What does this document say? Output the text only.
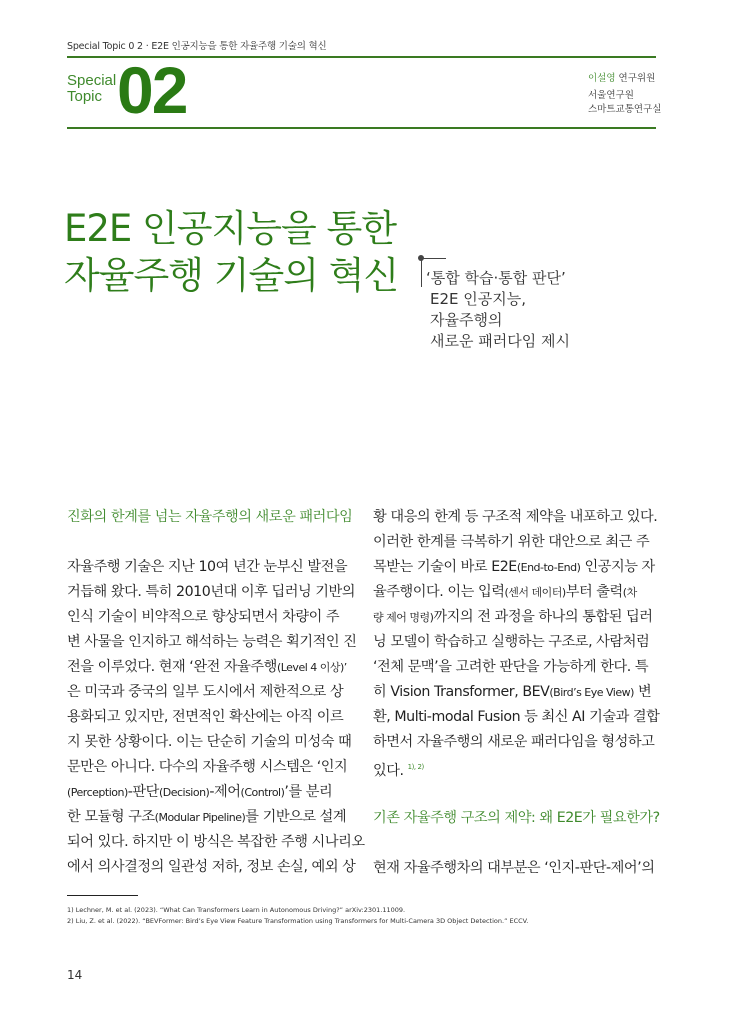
Special Topic 0 2 · E2E 인공지능을 통한 자율주행 기술의 혁신
Special
Topic 02	이설영 연구위원
서울연구원
스마트교통연구실
E2E 인공지능을 통한
자율주행 기술의 혁신 ‘통합 학습·통합 판단’
E2E 인공지능,
자율주행의
새로운 패러다임 제시

진화의 한계를 넘는 자율주행의 새로운 패러다임

자율주행 기술은 지난 10여 년간 눈부신 발전을

거듭해 왔다. 특히 2010년대 이후 딥러닝 기반의

인식 기술이 비약적으로 향상되면서 차량이 주

변 사물을 인지하고 해석하는 능력은 획기적인 진

전을 이루었다. 현재 ‘완전 자율주행(Level 4 이상)’

은 미국과 중국의 일부 도시에서 제한적으로 상

용화되고 있지만, 전면적인 확산에는 아직 이르

지 못한 상황이다. 이는 단순히 기술의 미성숙 때

문만은 아니다. 다수의 자율주행 시스템은 ‘인지

(Perception)-판단(Decision)-제어(Control)’를 분리

한 모듈형 구조(Modular Pipeline)를 기반으로 설계

되어 있다. 하지만 이 방식은 복잡한 주행 시나리오

에서 의사결정의 일관성 저하, 정보 손실, 예외 상

황 대응의 한계 등 구조적 제약을 내포하고 있다.

이러한 한계를 극복하기 위한 대안으로 최근 주

목받는 기술이 바로 E2E(End-to-End) 인공지능 자

율주행이다. 이는 입력(센서 데이터)부터 출력(차

량 제어 명령)까지의 전 과정을 하나의 통합된 딥러

닝 모델이 학습하고 실행하는 구조로, 사람처럼

‘전체 문맥’을 고려한 판단을 가능하게 한다. 특

히 Vision Transformer, BEV(Bird’s Eye View) 변

환, Multi-modal Fusion 등 최신 AI 기술과 결합

하면서 자율주행의 새로운 패러다임을 형성하고

있다. $^{1), 2)}$

기존 자율주행 구조의 제약: 왜 E2E가 필요한가?

현재 자율주행차의 대부분은 ‘인지-판단-제어’의

1) Lechner, M. et al. (2023). “What Can Transformers Learn in Autonomous Driving?” arXiv:2301.11009.
2) Liu, Z. et al. (2022). “BEVFormer: Bird’s Eye View Feature Transformation using Transformers for Multi-Camera 3D Object Detection.” ECCV.
14
